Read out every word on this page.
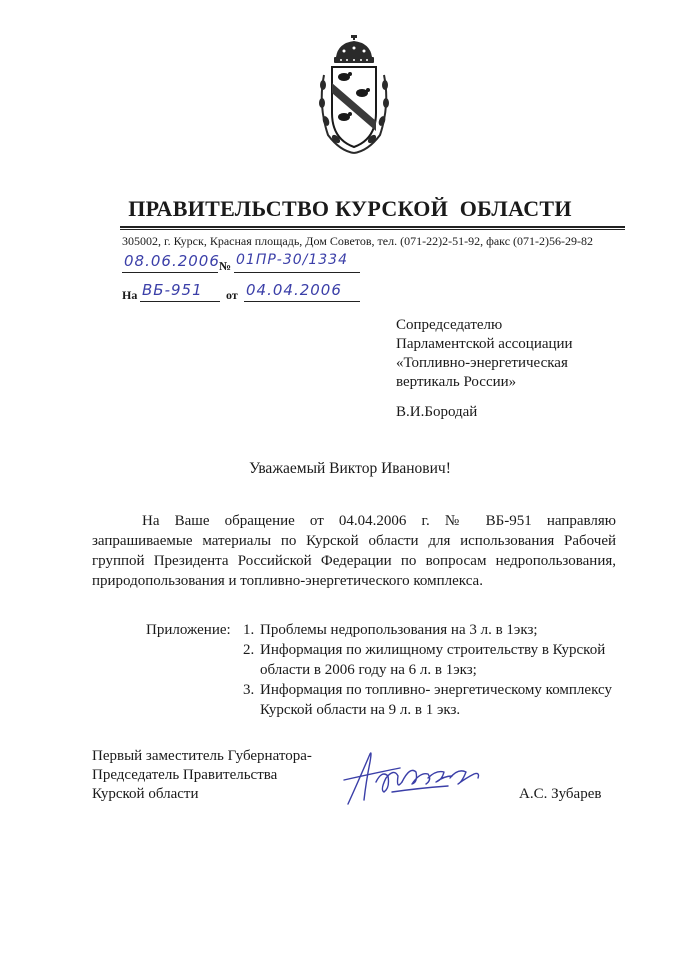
ПРАВИТЕЛЬСТВО КУРСКОЙ  ОБЛАСТИ
305002, г. Курск, Красная площадь, Дом Советов, тел. (071-22)2-51-92, факс (071-2)56-29-82
08.06.2006 № 01ПР-30/1334
На ВБ-951 от 04.04.2006
Сопредседателю
Парламентской ассоциации
«Топливно-энергетическая
вертикаль России»
В.И.Бородай
Уважаемый Виктор Иванович!
На Ваше обращение от 04.04.2006 г. № ВБ-951 направляю запрашиваемые материалы по Курской области для использования Рабочей группой Президента Российской Федерации по вопросам недропользования, природопользования и топливно-энергетического комплекса.
Приложение: 1. Проблемы недропользования на 3 л. в 1экз;
2. Информация по жилищному строительству в Курской области в 2006 году на 6 л. в 1экз;
3. Информация по топливно- энергетическому комплексу Курской области на 9 л. в 1 экз.
Первый заместитель Губернатора-
Председатель Правительства
Курской области	А.С. Зубарев
